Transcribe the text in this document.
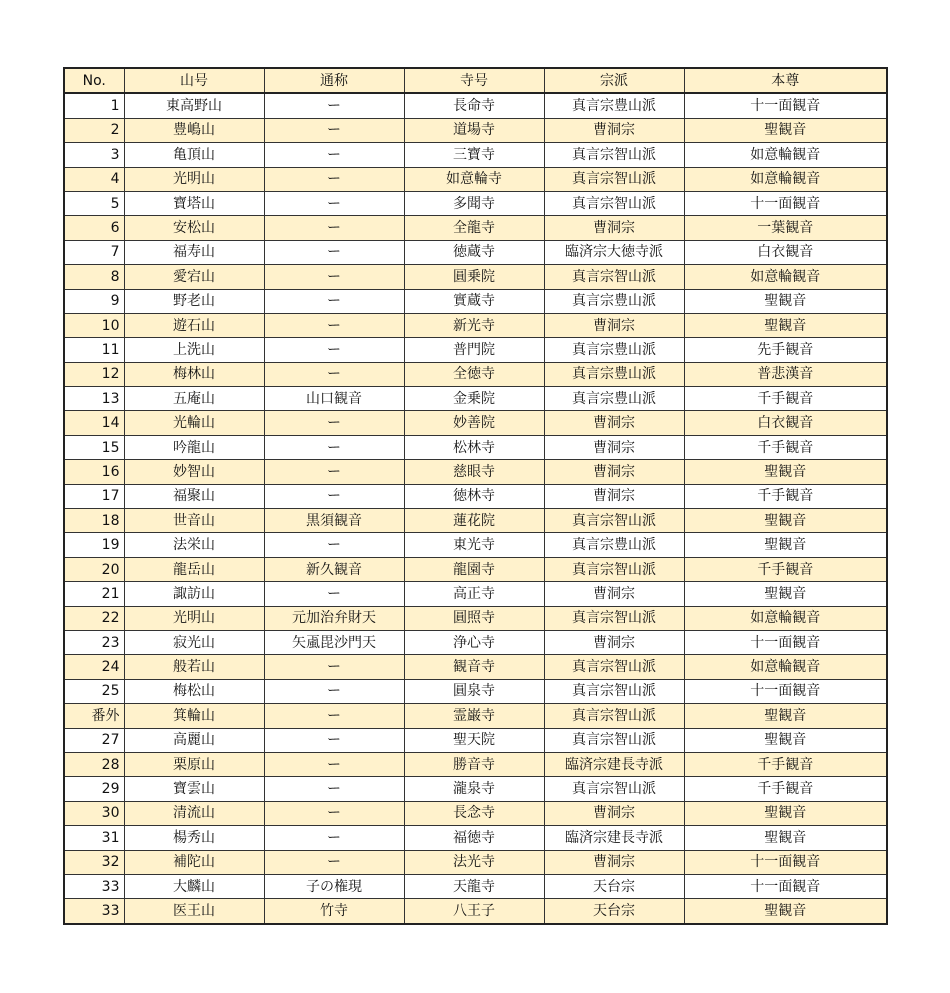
No.	山号	通称	寺号	宗派	本尊
1	東高野山	ー	長命寺	真言宗豊山派	十一面観音
2	豊嶋山	ー	道場寺	曹洞宗	聖観音
3	亀頂山	ー	三寶寺	真言宗智山派	如意輪観音
4	光明山	ー	如意輪寺	真言宗智山派	如意輪観音
5	寶塔山	ー	多聞寺	真言宗智山派	十一面観音
6	安松山	ー	全龍寺	曹洞宗	一葉観音
7	福寿山	ー	徳蔵寺	臨済宗大徳寺派	白衣観音
8	愛宕山	ー	圓乗院	真言宗智山派	如意輪観音
9	野老山	ー	實蔵寺	真言宗豊山派	聖観音
10	遊石山	ー	新光寺	曹洞宗	聖観音
11	上洗山	ー	普門院	真言宗豊山派	先手観音
12	梅林山	ー	全徳寺	真言宗豊山派	普悲漢音
13	五庵山	山口観音	金乗院	真言宗豊山派	千手観音
14	光輪山	ー	妙善院	曹洞宗	白衣観音
15	吟龍山	ー	松林寺	曹洞宗	千手観音
16	妙智山	ー	慈眼寺	曹洞宗	聖観音
17	福聚山	ー	徳林寺	曹洞宗	千手観音
18	世音山	黒須観音	蓮花院	真言宗智山派	聖観音
19	法栄山	ー	東光寺	真言宗豊山派	聖観音
20	龍岳山	新久観音	龍園寺	真言宗智山派	千手観音
21	諏訪山	ー	高正寺	曹洞宗	聖観音
22	光明山	元加治弁財天	圓照寺	真言宗智山派	如意輪観音
23	寂光山	矢颪毘沙門天	浄心寺	曹洞宗	十一面観音
24	般若山	ー	観音寺	真言宗智山派	如意輪観音
25	梅松山	ー	圓泉寺	真言宗智山派	十一面観音
番外	箕輪山	ー	霊巌寺	真言宗智山派	聖観音
27	高麗山	ー	聖天院	真言宗智山派	聖観音
28	栗原山	ー	勝音寺	臨済宗建長寺派	千手観音
29	寶雲山	ー	瀧泉寺	真言宗智山派	千手観音
30	清流山	ー	長念寺	曹洞宗	聖観音
31	楊秀山	ー	福徳寺	臨済宗建長寺派	聖観音
32	補陀山	ー	法光寺	曹洞宗	十一面観音
33	大麟山	子の権現	天龍寺	天台宗	十一面観音
33	医王山	竹寺	八王子	天台宗	聖観音
